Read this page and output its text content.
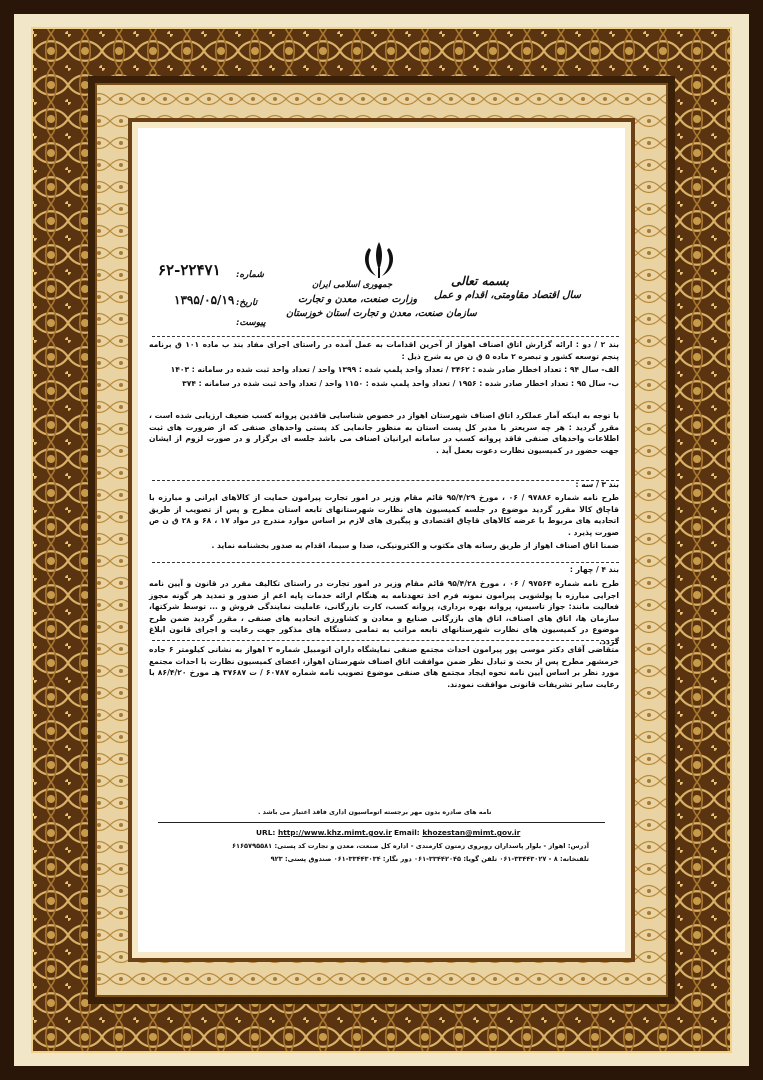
بسمه تعالی
سال اقتصاد مقاومتی، اقدام و عمل
جمهوری اسلامی ایران
وزارت صنعت، معدن و تجارت
سازمان صنعت، معدن و تجارت استان خوزستان
شماره:
۶۲-۲۲۴۷۱
تاریخ:
۱۳۹۵/۰۵/۱۹
پیوست:
بند ۲ / دو : ارائه گزارش اتاق اصناف اهواز از آخرین اقدامات به عمل آمده در راستای اجرای مفاد بند ب ماده ۱۰۱ ق برنامه پنجم توسعه کشور و تبصره ۲ ماده ۵ ق ن ص به شرح ذیل :
الف- سال ۹۴ : تعداد اخطار صادر شده : ۳۴۶۲ / تعداد واحد پلمپ شده : ۱۳۹۹ واحد / تعداد واحد ثبت شده در سامانه : ۱۴۰۳
ب- سال ۹۵ : تعداد اخطار صادر شده : ۱۹۵۶ / تعداد واحد پلمپ شده : ۱۱۵۰ واحد / تعداد واحد ثبت شده در سامانه : ۳۷۴
با توجه به اینکه آمار عملکرد اتاق اصناف شهرستان اهواز در خصوص شناسایی فاقدین پروانه کسب ضعیف ارزیابی شده است ، مقرر گردید : هر چه سریعتر با مدیر کل پست استان به منظور جانمایی کد پستی واحدهای صنفی که از ضرورت های ثبت اطلاعات واحدهای صنفی فاقد پروانه کسب در سامانه ایرانیان اصناف می باشد جلسه ای برگزار و در صورت لزوم از ایشان جهت حضور در کمیسیون نظارت دعوت بعمل آید .
بند ۳ / سه :
طرح نامه شماره ۹۷۸۸۶ / ۰۶ ، مورخ ۹۵/۴/۲۹ قائم مقام وزیر در امور تجارت پیرامون حمایت از کالاهای ایرانی و مبارزه با قاچاق کالا مقرر گردید موضوع در جلسه کمیسیون های نظارت شهرستانهای تابعه استان مطرح و پس از تصویب از طریق اتحادیه های مربوط با عرضه کالاهای قاچاق اقتصادی و پیگیری های لازم بر اساس موارد مندرج در مواد ۱۷ ، ۶۸ و ۲۸ ق ن ص صورت پذیرد .
ضمنا اتاق اصناف اهواز از طریق رسانه های مکتوب و الکترونیکی، صدا و سیما، اقدام به صدور بخشنامه نماید .
بند ۴ / چهار :
طرح نامه شماره ۹۷۵۶۴ / ۰۶ ، مورخ ۹۵/۴/۲۸ قائم مقام وزیر در امور تجارت در راستای تکالیف مقرر در قانون و آیین نامه اجرایی مبارزه با پولشویی پیرامون نمونه فرم اخذ تعهدنامه به هنگام ارائه خدمات پایه اعم از صدور و تمدید هر گونه مجوز فعالیت مانند: جواز تاسیس، پروانه بهره برداری، پروانه کسب، کارت بازرگانی، عاملیت نمایندگی فروش و ... توسط شرکتها، سازمان ها، اتاق های اصناف، اتاق های بازرگانی صنایع و معادن و کشاورزی اتحادیه های صنفی ، مقرر گردید ضمن طرح موضوع در کمیسیون های نظارت شهرستانهای تابعه مراتب به تمامی دستگاه های مذکور جهت رعایت و اجرای قانون ابلاغ گردد.
متقاضی آقای دکتر موسی پور پیرامون احداث مجتمع صنفی نمایشگاه داران اتومبیل شماره ۲ اهواز به نشانی کیلومتر ۶ جاده خرمشهر مطرح پس از بحث و تبادل نظر ضمن موافقت اتاق اصناف شهرستان اهواز، اعضای کمیسیون نظارت با احداث مجتمع مورد نظر بر اساس آیین نامه نحوه ایجاد مجتمع های صنفی موضوع تصویب نامه شماره ۶۰۷۸۷ / ت ۳۷۶۸۷ هـ مورخ ۸۶/۴/۲۰ با رعایت سایر تشریفات قانونی موافقت نمودند.
نامه های صادره بدون مهر برجسته اتوماسیون اداری فاقد اعتبار می باشد .
URL: http://www.khz.mimt.gov.ir Email: khozestan@mimt.gov.ir
آدرس: اهواز - بلوار پاسداران روبروی زمتون کارمندی - اداره کل صنعت، معدن و تجارت کد پستی: ۶۱۶۵۷۹۵۵۸۱
تلفنخانه: ۸ - ۳۳۴۴۳۰۲۷-۰۶۱ تلفن گویا: ۳۳۴۴۲۰۴۵-۰۶۱ دور نگار: ۳۳۴۴۳۰۳۴-۰۶۱ صندوق پستی: ۹۲۳
